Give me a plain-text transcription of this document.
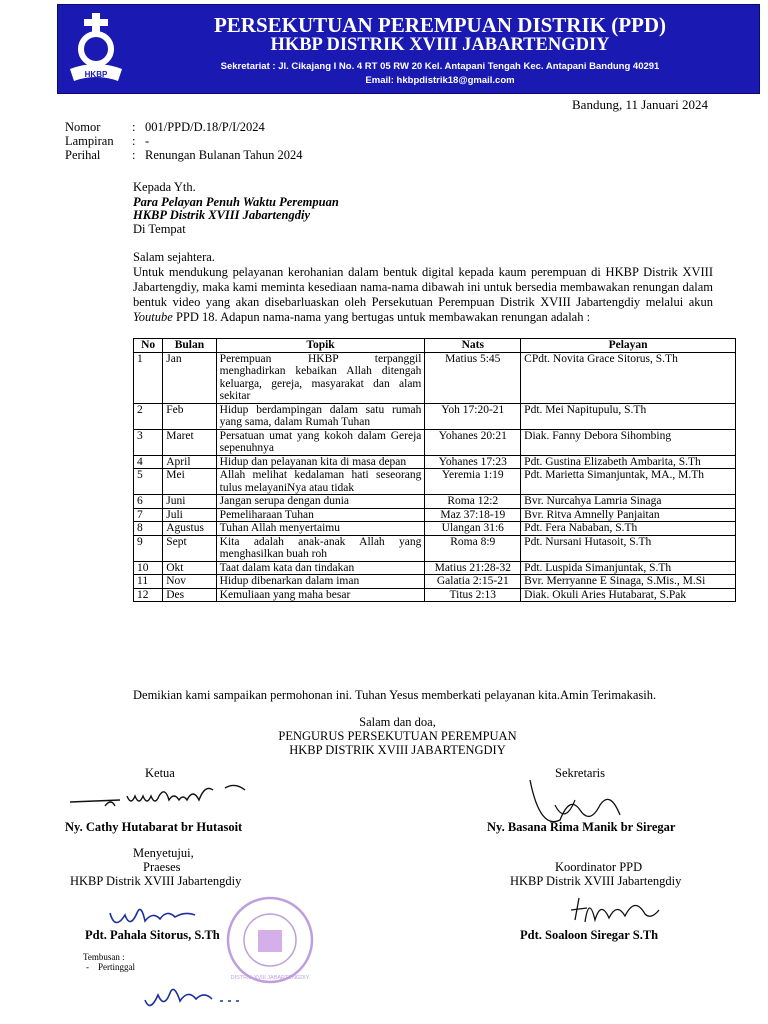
HKBP
PERSEKUTUAN PEREMPUAN DISTRIK (PPD)
HKBP DISTRIK XVIII JABARTENGDIY
Sekretariat : Jl. Cikajang I No. 4 RT 05 RW 20 Kel. Antapani Tengah Kec. Antapani Bandung 40291
Email: hkbpdistrik18@gmail.com
Bandung, 11 Januari 2024
Nomor	: 001/PPD/D.18/P/I/2024
Lampiran : -
Perihal	: Renungan Bulanan Tahun 2024
Kepada Yth.
Para Pelayan Penuh Waktu Perempuan
HKBP Distrik XVIII Jabartengdiy
Di Tempat
Salam sejahtera.
Untuk mendukung pelayanan kerohanian dalam bentuk digital kepada kaum perempuan di HKBP Distrik XVIII Jabartengdiy, maka kami meminta kesediaan nama-nama dibawah ini untuk bersedia membawakan renungan dalam bentuk video yang akan disebarluaskan oleh Persekutuan Perempuan Distrik XVIII Jabartengdiy melalui akun Youtube PPD 18. Adapun nama-nama yang bertugas untuk membawakan renungan adalah :
No	Bulan	Topik	Nats	Pelayan
1	Jan	Perempuan HKBP terpanggil menghadirkan kebaikan Allah ditengah keluarga, gereja, masyarakat dan alam sekitar	Matius 5:45	CPdt. Novita Grace Sitorus, S.Th
2	Feb	Hidup berdampingan dalam satu rumah yang sama, dalam Rumah Tuhan	Yoh 17:20-21	Pdt. Mei Napitupulu, S.Th
3	Maret	Persatuan umat yang kokoh dalam Gereja sepenuhnya	Yohanes 20:21	Diak. Fanny Debora Sihombing
4	April	Hidup dan pelayanan kita di masa depan	Yohanes 17:23	Pdt. Gustina Elizabeth Ambarita, S.Th
5	Mei	Allah melihat kedalaman hati seseorang tulus melayaniNya atau tidak	Yeremia 1:19	Pdt. Marietta Simanjuntak, MA., M.Th
6	Juni	Jangan serupa dengan dunia	Roma 12:2	Bvr. Nurcahya Lamria Sinaga
7	Juli	Pemeliharaan Tuhan	Maz 37:18-19	Bvr. Ritva Amnelly Panjaitan
8	Agustus	Tuhan Allah menyertaimu	Ulangan 31:6	Pdt. Fera Nababan, S.Th
9	Sept	Kita adalah anak-anak Allah yang menghasilkan buah roh	Roma 8:9	Pdt. Nursani Hutasoit, S.Th
10	Okt	Taat dalam kata dan tindakan	Matius 21:28-32	Pdt. Luspida Simanjuntak, S.Th
11	Nov	Hidup dibenarkan dalam iman	Galatia 2:15-21	Bvr. Merryanne E Sinaga, S.Mis., M.Si
12	Des	Kemuliaan yang maha besar	Titus 2:13	Diak. Okuli Aries Hutabarat, S.Pak
Demikian kami sampaikan permohonan ini. Tuhan Yesus memberkati pelayanan kita.Amin Terimakasih.
Salam dan doa,
PENGURUS PERSEKUTUAN PEREMPUAN
HKBP DISTRIK XVIII JABARTENGDIY
Ketua
Ny. Cathy Hutabarat br Hutasoit
Sekretaris
Ny. Basana Rima Manik br Siregar
Menyetujui,
Praeses
HKBP Distrik XVIII Jabartengdiy
DISTRIK XVIII JABARTENGDIY
Pdt. Pahala Sitorus, S.Th
Koordinator PPD
HKBP Distrik XVIII Jabartengdiy
Pdt. Soaloon Siregar S.Th
Tembusan :
-    Pertinggal
